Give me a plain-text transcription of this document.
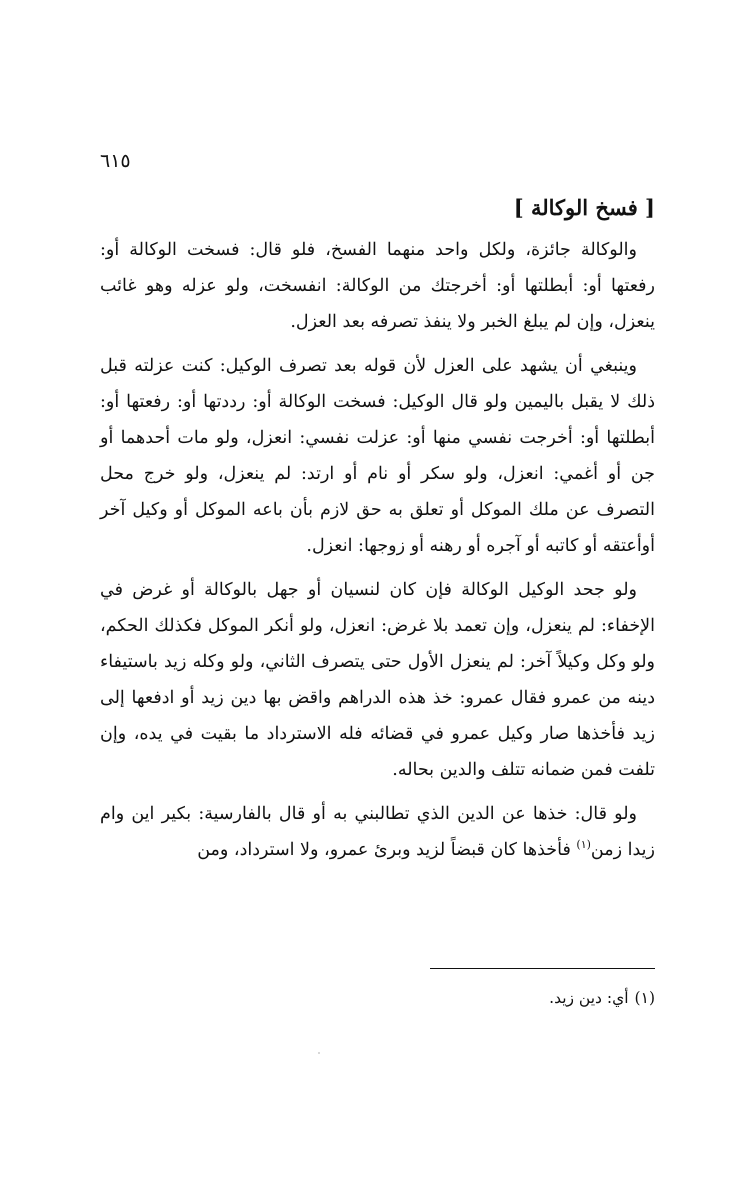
٦١٥
[ فسخ الوكالة ]

والوكالة جائزة، ولكل واحد منهما الفسخ، فلو قال: فسخت الوكالة أو: رفعتها أو: أبطلتها أو: أخرجتك من الوكالة: انفسخت، ولو عزله وهو غائب ينعزل، وإن لم يبلغ الخبر ولا ينفذ تصرفه بعد العزل.

وينبغي أن يشهد على العزل لأن قوله بعد تصرف الوكيل: كنت عزلته قبل ذلك لا يقبل باليمين ولو قال الوكيل: فسخت الوكالة أو: رددتها أو: رفعتها أو: أبطلتها أو: أخرجت نفسي منها أو: عزلت نفسي: انعزل، ولو مات أحدهما أو جن أو أغمي: انعزل، ولو سكر أو نام أو ارتد: لم ينعزل، ولو خرج محل التصرف عن ملك الموكل أو تعلق به حق لازم بأن باعه الموكل أو وكيل آخر أوأعتقه أو كاتبه أو آجره أو رهنه أو زوجها: انعزل.

ولو جحد الوكيل الوكالة فإن كان لنسيان أو جهل بالوكالة أو غرض في الإخفاء: لم ينعزل، وإن تعمد بلا غرض: انعزل، ولو أنكر الموكل فكذلك الحكم، ولو وكل وكيلاً آخر: لم ينعزل الأول حتى يتصرف الثاني، ولو وكله زيد باستيفاء دينه من عمرو فقال عمرو: خذ هذه الدراهم واقض بها دين زيد أو ادفعها إلى زيد فأخذها صار وكيل عمرو في قضائه فله الاسترداد ما بقيت في يده، وإن تلفت فمن ضمانه تتلف والدين بحاله.

ولو قال: خذها عن الدين الذي تطالبني به أو قال بالفارسية: بكير اين وام زيدا زمن$^{(١)}$ فأخذها كان قبضاً لزيد وبرئ عمرو، ولا استرداد، ومن

(١)أي: دين زيد.
